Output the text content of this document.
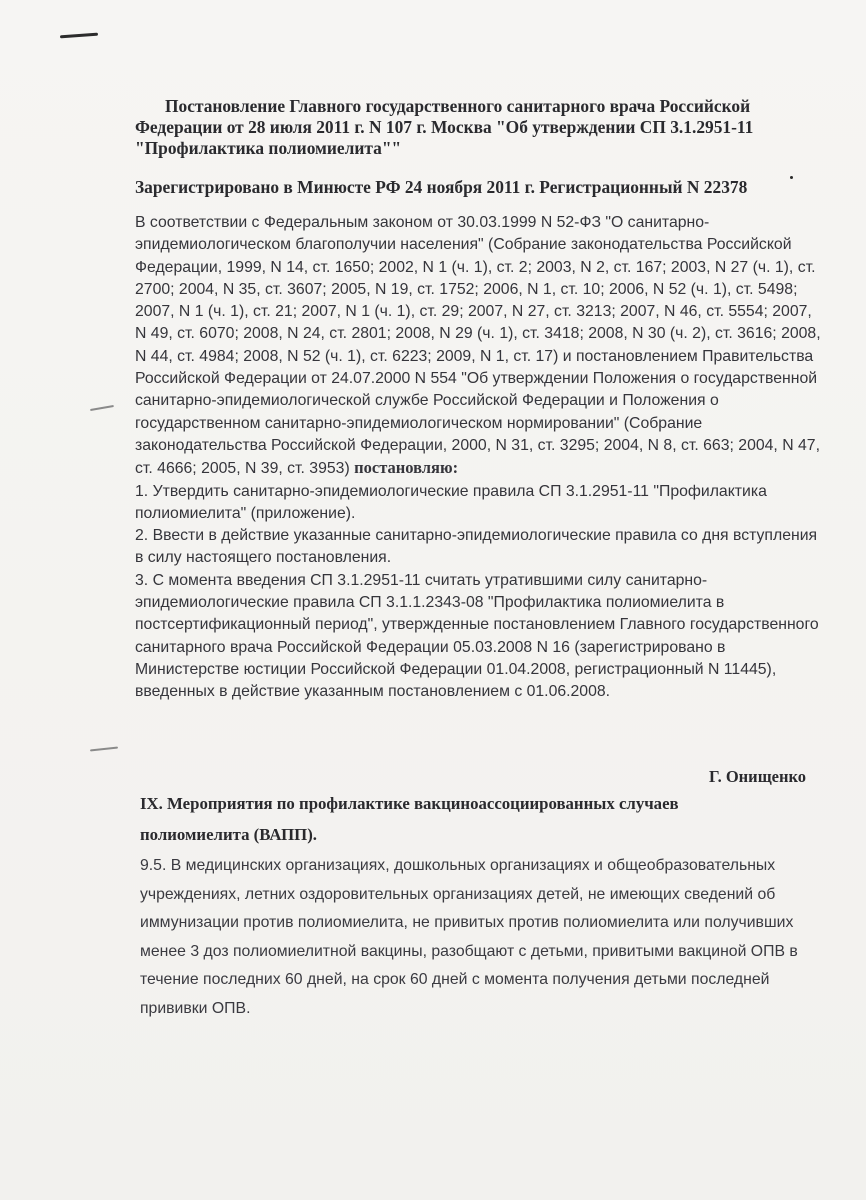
Постановление Главного государственного санитарного врача Российской Федерации от 28 июля 2011 г. N 107 г. Москва "Об утверждении СП 3.1.2951-11 "Профилактика полиомиелита""

Зарегистрировано в Минюсте РФ 24 ноября 2011 г. Регистрационный N 22378

В соответствии с Федеральным законом от 30.03.1999 N 52-ФЗ "О санитарно-эпидемиологическом благополучии населения" (Собрание законодательства Российской Федерации, 1999, N 14, ст. 1650; 2002, N 1 (ч. 1), ст. 2; 2003, N 2, ст. 167; 2003, N 27 (ч. 1), ст. 2700; 2004, N 35, ст. 3607; 2005, N 19, ст. 1752; 2006, N 1, ст. 10; 2006, N 52 (ч. 1), ст. 5498; 2007, N 1 (ч. 1), ст. 21; 2007, N 1 (ч. 1), ст. 29; 2007, N 27, ст. 3213; 2007, N 46, ст. 5554; 2007, N 49, ст. 6070; 2008, N 24, ст. 2801; 2008, N 29 (ч. 1), ст. 3418; 2008, N 30 (ч. 2), ст. 3616; 2008, N 44, ст. 4984; 2008, N 52 (ч. 1), ст. 6223; 2009, N 1, ст. 17) и постановлением Правительства Российской Федерации от 24.07.2000 N 554 "Об утверждении Положения о государственной санитарно-эпидемиологической службе Российской Федерации и Положения о государственном санитарно-эпидемиологическом нормировании" (Собрание законодательства Российской Федерации, 2000, N 31, ст. 3295; 2004, N 8, ст. 663; 2004, N 47, ст. 4666; 2005, N 39, ст. 3953) постановляю:

1. Утвердить санитарно-эпидемиологические правила СП 3.1.2951-11 "Профилактика полиомиелита" (приложение).

2. Ввести в действие указанные санитарно-эпидемиологические правила со дня вступления в силу настоящего постановления.

3. С момента введения СП 3.1.2951-11 считать утратившими силу санитарно-эпидемиологические правила СП 3.1.1.2343-08 "Профилактика полиомиелита в постсертификационный период", утвержденные постановлением Главного государственного санитарного врача Российской Федерации 05.03.2008 N 16 (зарегистрировано в Министерстве юстиции Российской Федерации 01.04.2008, регистрационный N 11445), введенных в действие указанным постановлением с 01.06.2008.

Г. Онищенко

IX. Мероприятия по профилактике вакциноассоциированных случаев полиомиелита (ВАПП).

9.5. В медицинских организациях, дошкольных организациях и общеобразовательных учреждениях, летних оздоровительных организациях детей, не имеющих сведений об иммунизации против полиомиелита, не привитых против полиомиелита или получивших менее 3 доз полиомиелитной вакцины, разобщают с детьми, привитыми вакциной ОПВ в течение последних 60 дней, на срок 60 дней с момента получения детьми последней прививки ОПВ.
